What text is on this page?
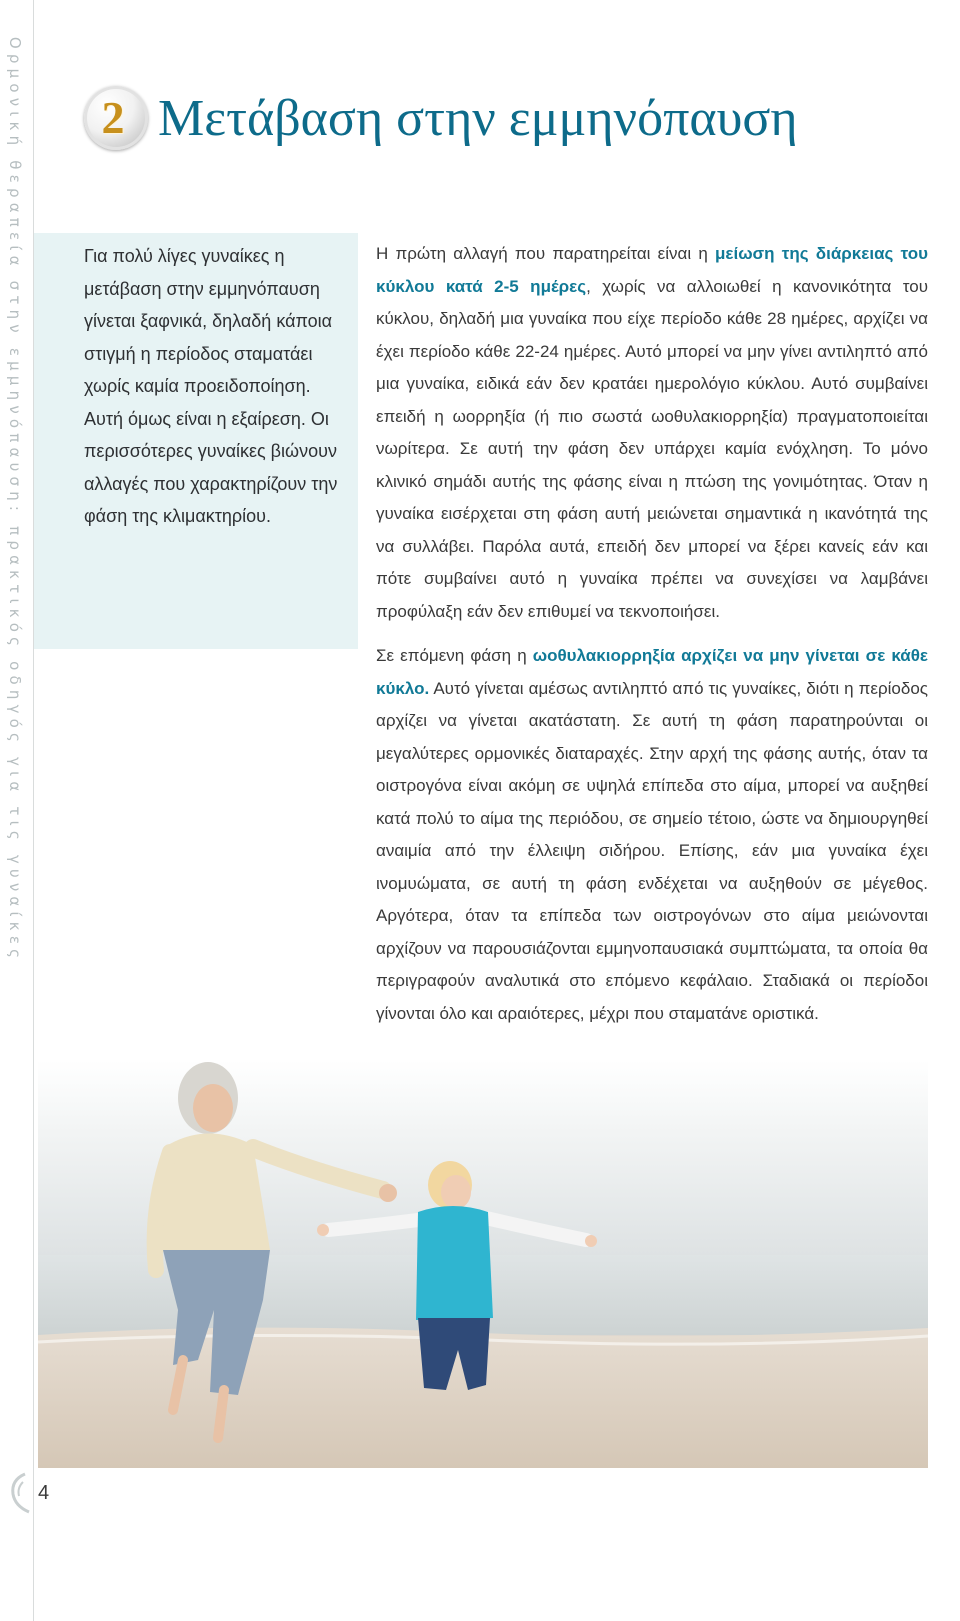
Ορμονική θεραπεία στην εμμηνόπαυση: πρακτικός οδηγός για τις γυναίκες	2 Μετάβαση στην εμμηνόπαυση

Για πολύ λίγες γυναίκες η μετάβαση στην εμμηνόπαυση γίνεται ξαφνικά, δηλαδή κάποια στιγμή η περίοδος σταματάει χωρίς καμία προειδοποίηση. Αυτή όμως είναι η εξαίρεση. Οι περισσότερες γυναίκες βιώνουν αλλαγές που χαρακτηρίζουν την φάση της κλιμακτηρίου.

Η πρώτη αλλαγή που παρατηρείται είναι η μείωση της διάρκειας του κύκλου κατά 2-5 ημέρες, χωρίς να αλλοιωθεί η κανονικότητα του κύκλου, δηλαδή μια γυναίκα που είχε περίοδο κάθε 28 ημέρες, αρχίζει να έχει περίοδο κάθε 22-24 ημέρες. Αυτό μπορεί να μην γίνει αντιληπτό από μια γυναίκα, ειδικά εάν δεν κρατάει ημερολόγιο κύκλου. Αυτό συμβαίνει επειδή η ωορρηξία (ή πιο σωστά ωοθυλακιορρηξία) πραγματοποιείται νωρίτερα. Σε αυτή την φάση δεν υπάρχει καμία ενόχληση. Το μόνο κλινικό σημάδι αυτής της φάσης είναι η πτώση της γονιμότητας. Όταν η γυναίκα εισέρχεται στη φάση αυτή μειώνεται σημαντικά η ικανότητά της να συλλάβει. Παρόλα αυτά, επειδή δεν μπορεί να ξέρει κανείς εάν και πότε συμβαίνει αυτό η γυναίκα πρέπει να συνεχίσει να λαμβάνει προφύλαξη εάν δεν επιθυμεί να τεκνοποιήσει.

Σε επόμενη φάση η ωοθυλακιορρηξία αρχίζει να μην γίνεται σε κάθε κύκλο. Αυτό γίνεται αμέσως αντιληπτό από τις γυναίκες, διότι η περίοδος αρχίζει να γίνεται ακατάστατη. Σε αυτή τη φάση παρατηρούνται οι μεγαλύτερες ορμονικές διαταραχές. Στην αρχή της φάσης αυτής, όταν τα οιστρογόνα είναι ακόμη σε υψηλά επίπεδα στο αίμα, μπορεί να αυξηθεί κατά πολύ το αίμα της περιόδου, σε σημείο τέτοιο, ώστε να δημιουργηθεί αναιμία από την έλλειψη σιδήρου. Επίσης, εάν μια γυναίκα έχει ινομυώματα, σε αυτή τη φάση ενδέχεται να αυξηθούν σε μέγεθος. Αργότερα, όταν τα επίπεδα των οιστρογόνων στο αίμα μειώνονται αρχίζουν να παρουσιάζονται εμμηνοπαυσιακά συμπτώματα, τα οποία θα περιγραφούν αναλυτικά στο επόμενο κεφάλαιο. Σταδιακά οι περίοδοι γίνονται όλο και αραιότερες, μέχρι που σταματάνε οριστικά.

4
